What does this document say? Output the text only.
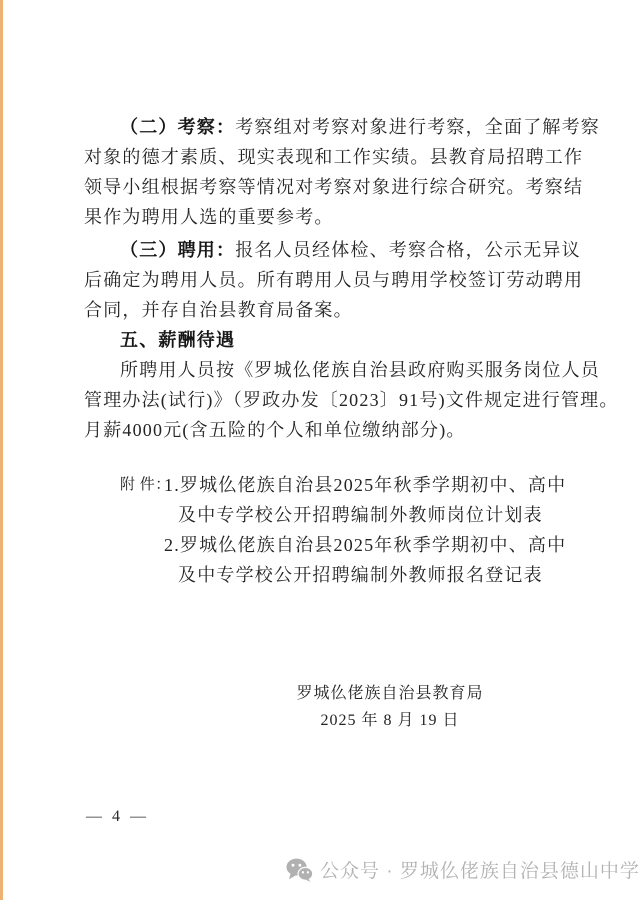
（二）考察：考察组对考察对象进行考察，全面了解考察
对象的德才素质、现实表现和工作实绩。县教育局招聘工作
领导小组根据考察等情况对考察对象进行综合研究。考察结
果作为聘用人选的重要参考。
（三）聘用：报名人员经体检、考察合格，公示无异议
后确定为聘用人员。所有聘用人员与聘用学校签订劳动聘用
合同，并存自治县教育局备案。
五、薪酬待遇
所聘用人员按《罗城仫佬族自治县政府购买服务岗位人员
管理办法(试行)》（罗政办发〔2023〕91号)文件规定进行管理。
月薪4000元(含五险的个人和单位缴纳部分)。
附 件：
1.罗城仫佬族自治县2025年秋季学期初中、高中
及中专学校公开招聘编制外教师岗位计划表
2.罗城仫佬族自治县2025年秋季学期初中、高中
及中专学校公开招聘编制外教师报名登记表
罗城仫佬族自治县教育局
2025 年 8 月 19 日
— 4 —
公众号 · 罗城仫佬族自治县德山中学
